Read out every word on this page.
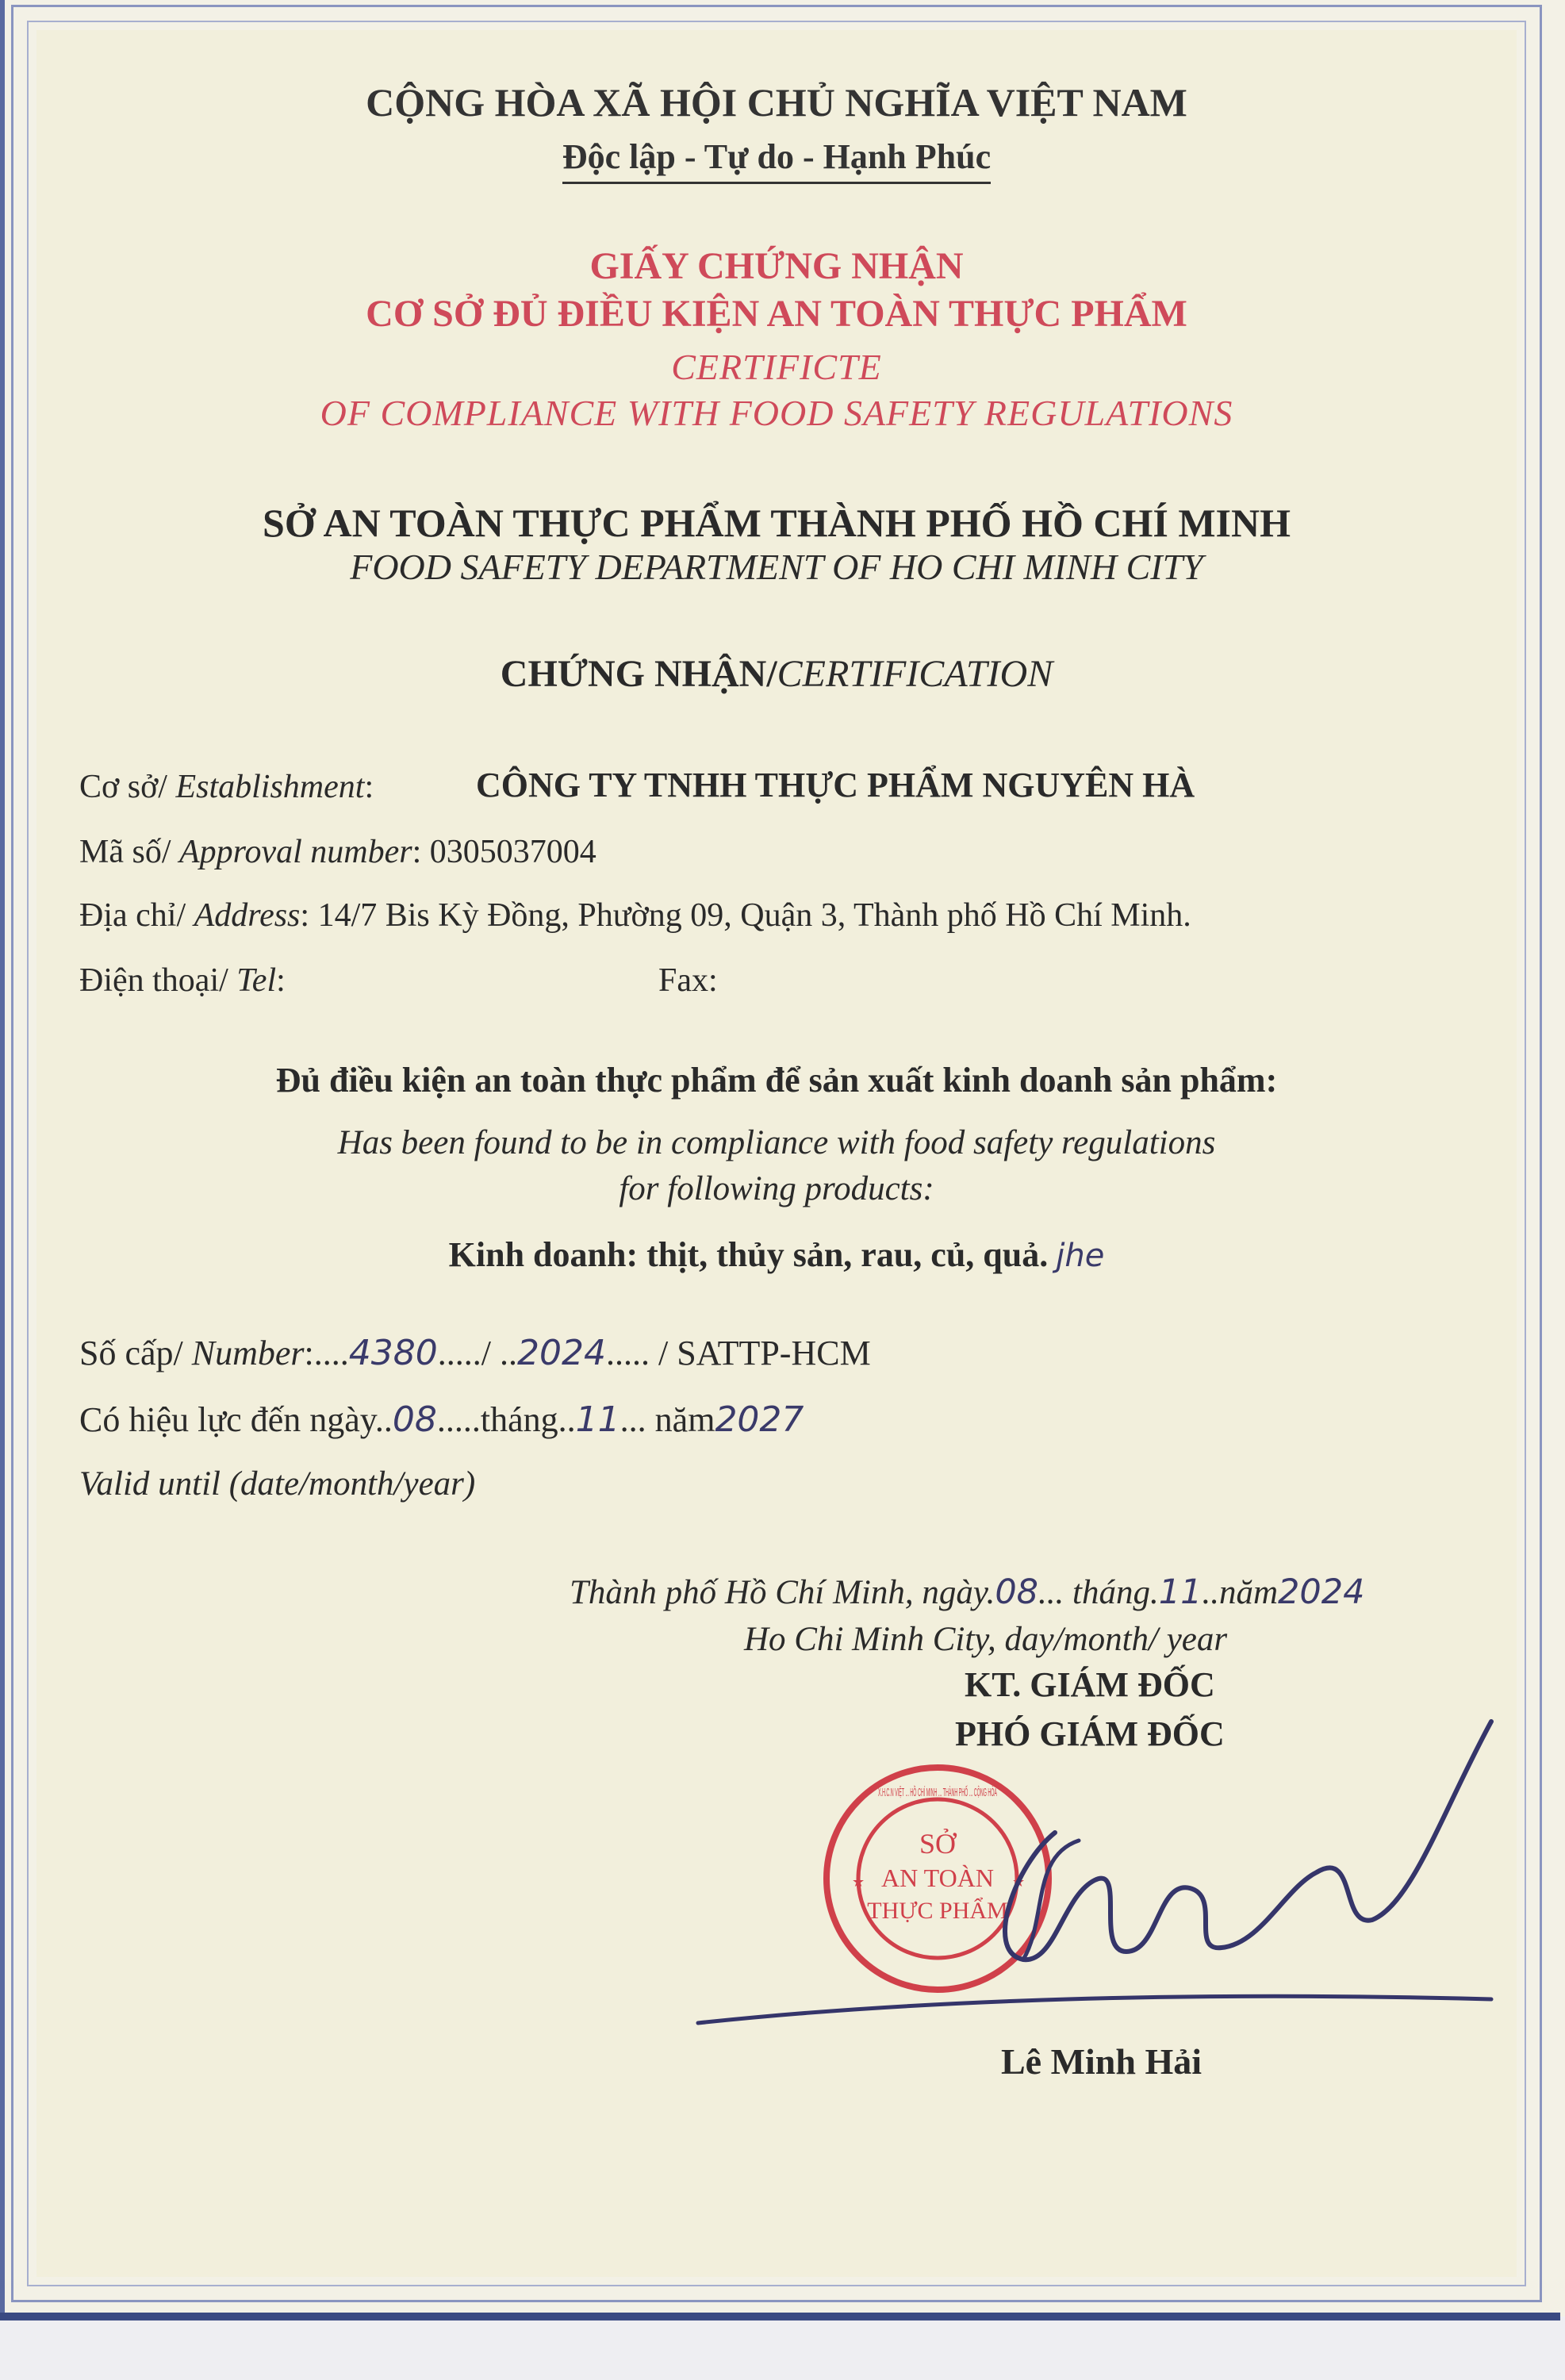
CỘNG HÒA XÃ HỘI CHỦ NGHĨA VIỆT NAM
Độc lập - Tự do - Hạnh Phúc
GIẤY CHỨNG NHẬN
CƠ SỞ ĐỦ ĐIỀU KIỆN AN TOÀN THỰC PHẨM
CERTIFICTE
OF COMPLIANCE WITH FOOD SAFETY REGULATIONS
SỞ AN TOÀN THỰC PHẨM THÀNH PHỐ HỒ CHÍ MINH
FOOD SAFETY DEPARTMENT OF HO CHI MINH CITY
CHỨNG NHẬN/CERTIFICATION
Cơ sở/ Establishment:	CÔNG TY TNHH THỰC PHẨM NGUYÊN HÀ
Mã số/ Approval number: 0305037004
Địa chỉ/ Address: 14/7 Bis Kỳ Đồng, Phường 09, Quận 3, Thành phố Hồ Chí Minh.
Điện thoại/ Tel:	Fax:
Đủ điều kiện an toàn thực phẩm để sản xuất kinh doanh sản phẩm:
Has been found to be in compliance with food safety regulations
for following products:
Kinh doanh: thịt, thủy sản, rau, củ, quả. jhe
Số cấp/ Number:....4380...../ ..2024..... / SATTP-HCM
Có hiệu lực đến ngày..08.....tháng..11... năm2027
Valid until (date/month/year)
Thành phố Hồ Chí Minh, ngày.08... tháng.11..năm2024
Ho Chi Minh City, day/month/ year
KT. GIÁM ĐỐC
PHÓ GIÁM ĐỐC
SỞ
AN TOÀN
THỰC PHẨM
X.H.C.N VIỆT ... HỒ CHÍ MINH ... THÀNH PHỐ ... CỘNG HÒA
★	★
Lê Minh Hải
